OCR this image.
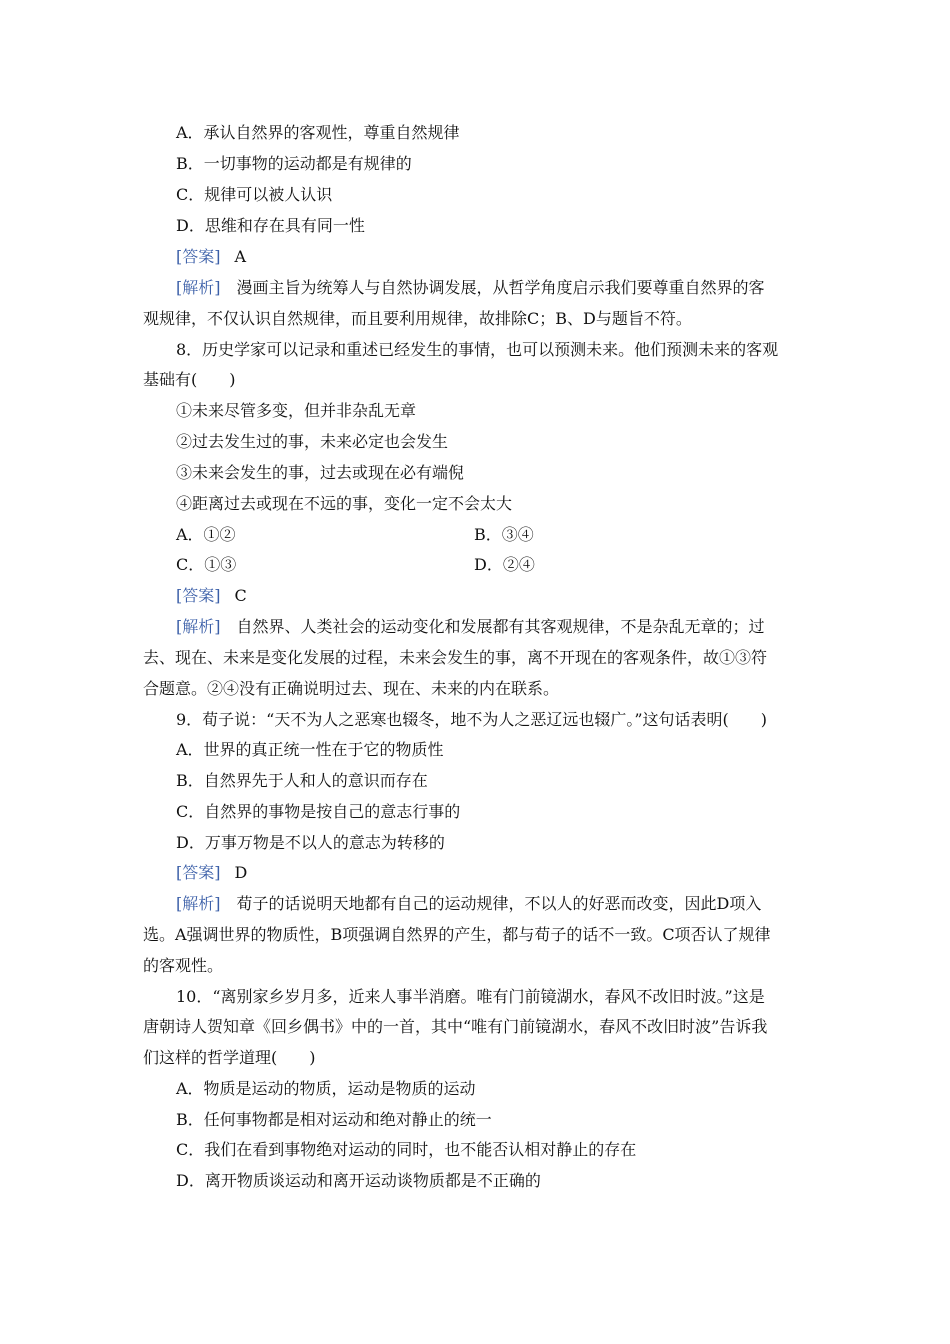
A．承认自然界的客观性，尊重自然规律
B．一切事物的运动都是有规律的
C．规律可以被人认识
D．思维和存在具有同一性
[答案] A
[解析] 漫画主旨为统筹人与自然协调发展，从哲学角度启示我们要尊重自然界的客
观规律，不仅认识自然规律，而且要利用规律，故排除C；B、D与题旨不符。
8．历史学家可以记录和重述已经发生的事情，也可以预测未来。他们预测未来的客观
基础有(　　)
①未来尽管多变，但并非杂乱无章
②过去发生过的事，未来必定也会发生
③未来会发生的事，过去或现在必有端倪
④距离过去或现在不远的事，变化一定不会太大
A．①②	B．③④
C．①③	D．②④
[答案] C
[解析] 自然界、人类社会的运动变化和发展都有其客观规律，不是杂乱无章的；过
去、现在、未来是变化发展的过程，未来会发生的事，离不开现在的客观条件，故①③符
合题意。②④没有正确说明过去、现在、未来的内在联系。
9．荀子说：“天不为人之恶寒也辍冬，地不为人之恶辽远也辍广。”这句话表明(　　)
A．世界的真正统一性在于它的物质性
B．自然界先于人和人的意识而存在
C．自然界的事物是按自己的意志行事的
D．万事万物是不以人的意志为转移的
[答案] D
[解析] 荀子的话说明天地都有自己的运动规律，不以人的好恶而改变，因此D项入
选。A强调世界的物质性，B项强调自然界的产生，都与荀子的话不一致。C项否认了规律
的客观性。
10．“离别家乡岁月多，近来人事半消磨。唯有门前镜湖水，春风不改旧时波。”这是
唐朝诗人贺知章《回乡偶书》中的一首，其中“唯有门前镜湖水，春风不改旧时波”告诉我
们这样的哲学道理(　　)
A．物质是运动的物质，运动是物质的运动
B．任何事物都是相对运动和绝对静止的统一
C．我们在看到事物绝对运动的同时，也不能否认相对静止的存在
D．离开物质谈运动和离开运动谈物质都是不正确的
